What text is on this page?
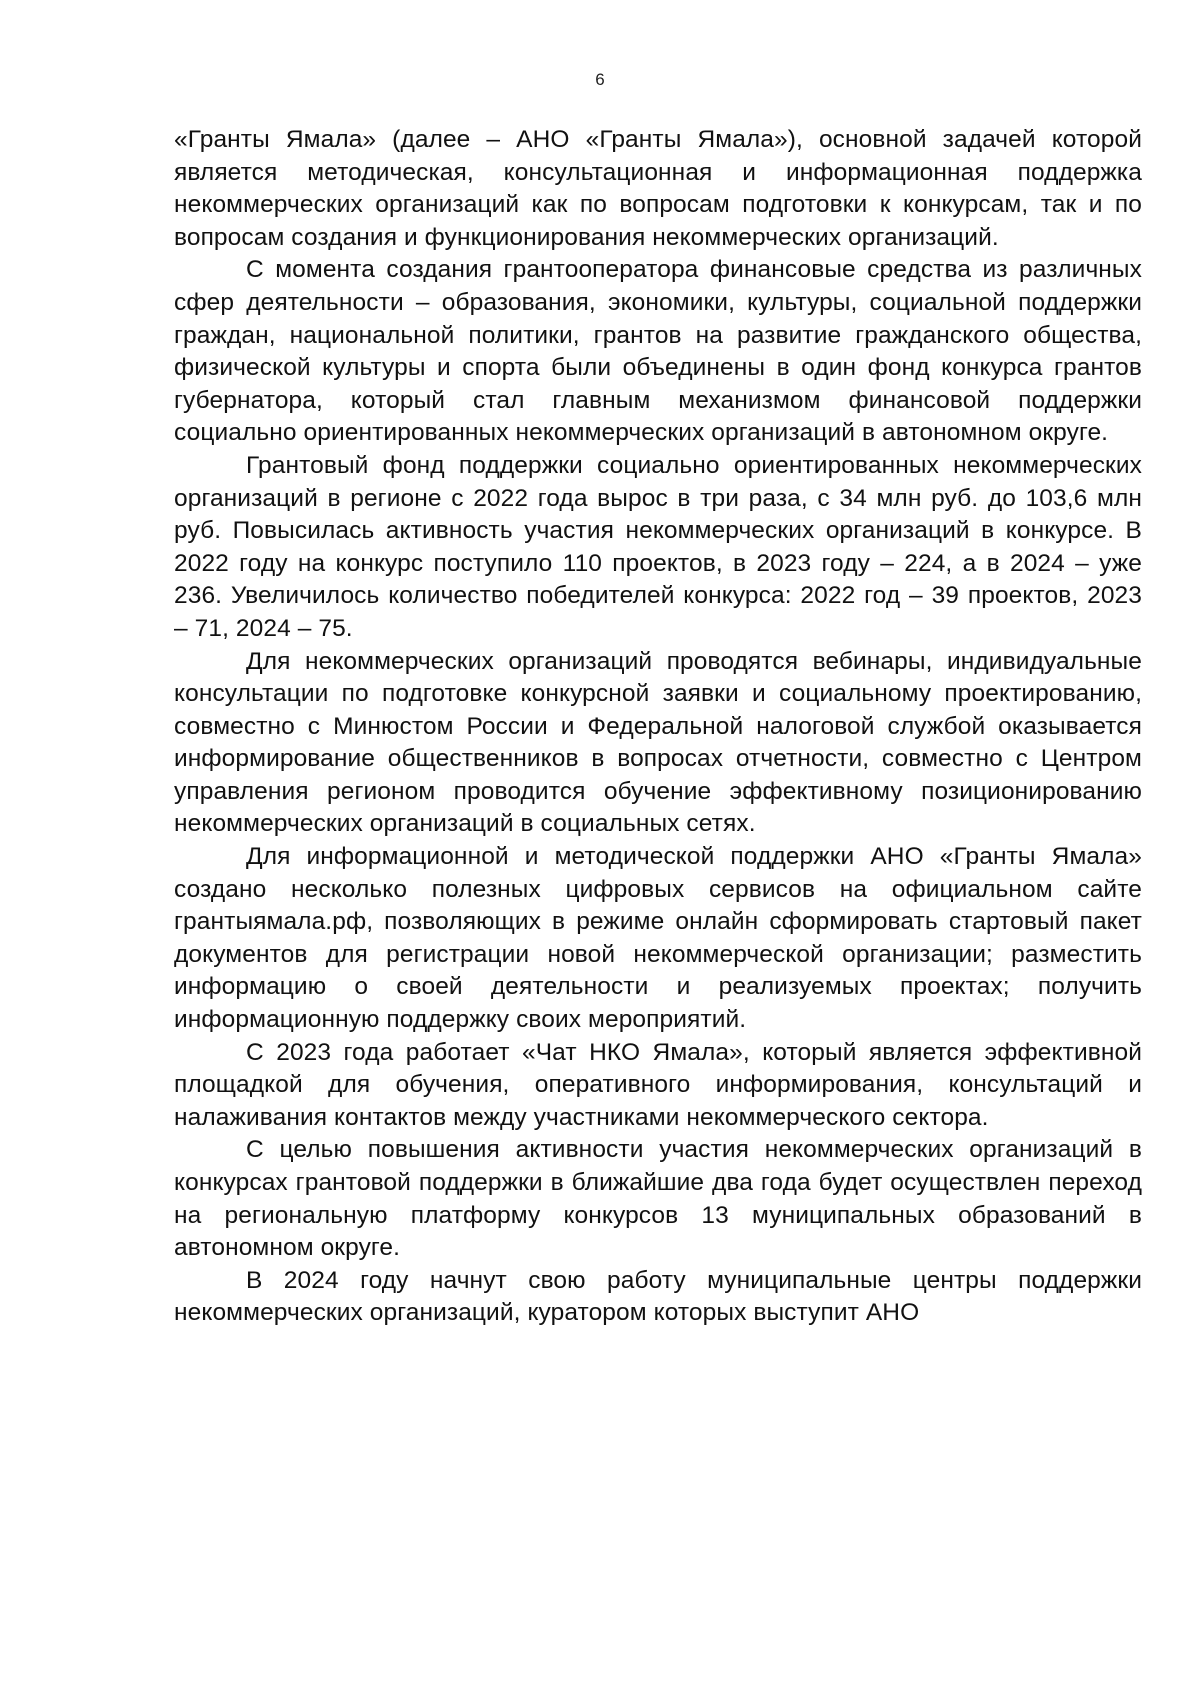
6

«Гранты Ямала» (далее – АНО «Гранты Ямала»), основной задачей которой является методическая, консультационная и информационная поддержка некоммерческих организаций как по вопросам подготовки к конкурсам, так и по вопросам создания и функционирования некоммерческих организаций.

С момента создания грантооператора финансовые средства из различных сфер деятельности – образования, экономики, культуры, социальной поддержки граждан, национальной политики, грантов на развитие гражданского общества, физической культуры и спорта были объединены в один фонд конкурса грантов губернатора, который стал главным механизмом финансовой поддержки социально ориентированных некоммерческих организаций в автономном округе.

Грантовый фонд поддержки социально ориентированных некоммерческих организаций в регионе с 2022 года вырос в три раза, с 34 млн руб. до 103,6 млн руб. Повысилась активность участия некоммерческих организаций в конкурсе. В 2022 году на конкурс поступило 110 проектов, в 2023 году – 224, а в 2024 – уже 236. Увеличилось количество победителей конкурса: 2022 год – 39 проектов, 2023 – 71, 2024 – 75.

Для некоммерческих организаций проводятся вебинары, индивидуальные консультации по подготовке конкурсной заявки и социальному проектированию, совместно с Минюстом России и Федеральной налоговой службой оказывается информирование общественников в вопросах отчетности, совместно с Центром управления регионом проводится обучение эффективному позиционированию некоммерческих организаций в социальных сетях.

Для информационной и методической поддержки АНО «Гранты Ямала» создано несколько полезных цифровых сервисов на официальном сайте грантыямала.рф, позволяющих в режиме онлайн сформировать стартовый пакет документов для регистрации новой некоммерческой организации; разместить информацию о своей деятельности и реализуемых проектах; получить информационную поддержку своих мероприятий.

С 2023 года работает «Чат НКО Ямала», который является эффективной площадкой для обучения, оперативного информирования, консультаций и налаживания контактов между участниками некоммерческого сектора.

С целью повышения активности участия некоммерческих организаций в конкурсах грантовой поддержки в ближайшие два года будет осуществлен переход на региональную платформу конкурсов 13 муниципальных образований в автономном округе.

В 2024 году начнут свою работу муниципальные центры поддержки некоммерческих организаций, куратором которых выступит АНО
